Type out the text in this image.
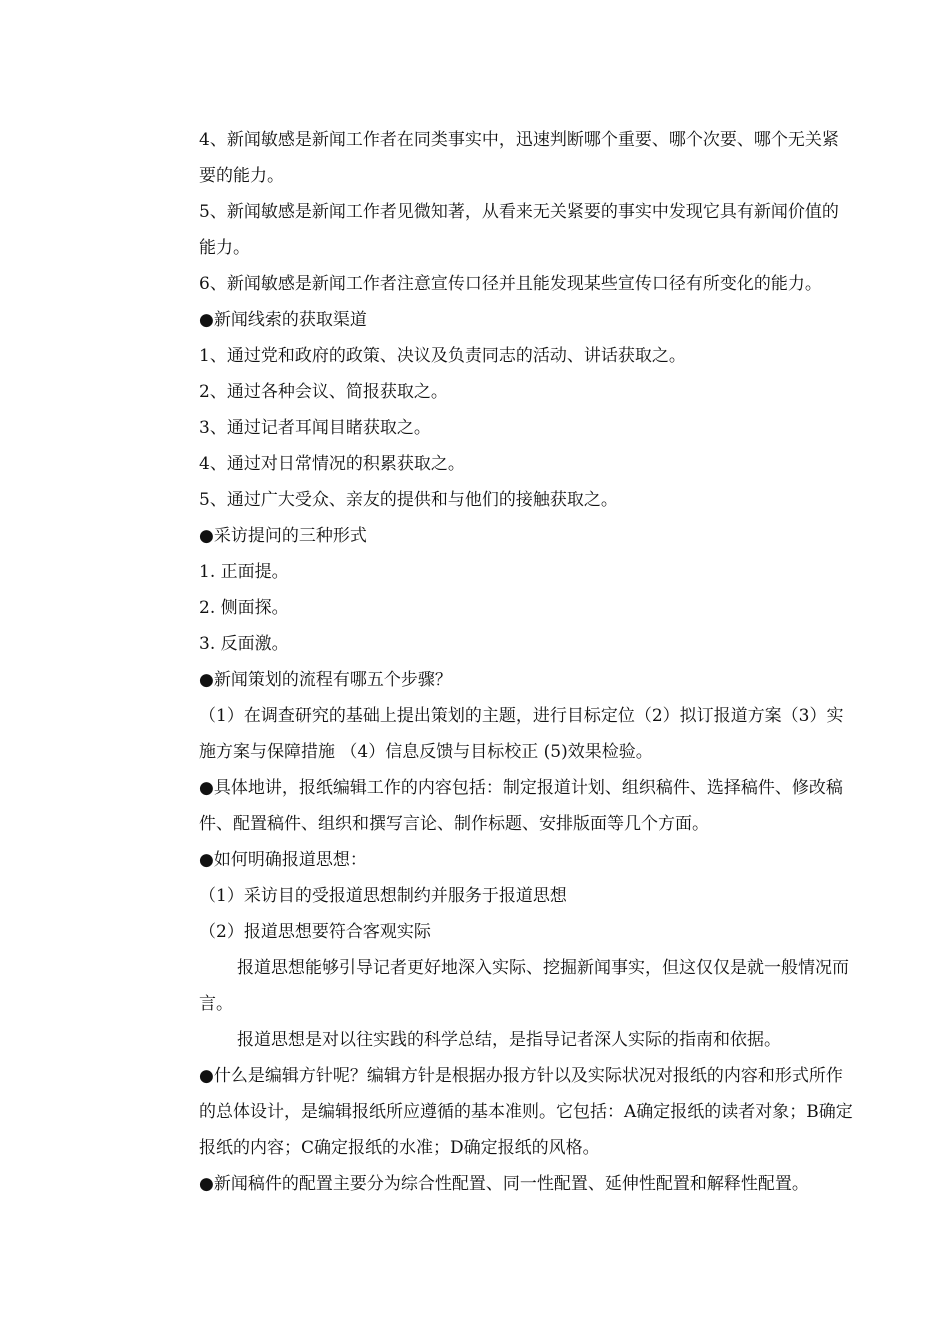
4、新闻敏感是新闻工作者在同类事实中，迅速判断哪个重要、哪个次要、哪个无关紧
要的能力。
5、新闻敏感是新闻工作者见微知著，从看来无关紧要的事实中发现它具有新闻价值的
能力。
6、新闻敏感是新闻工作者注意宣传口径并且能发现某些宣传口径有所变化的能力。
●新闻线索的获取渠道
1、通过党和政府的政策、决议及负责同志的活动、讲话获取之。
2、通过各种会议、简报获取之。
3、通过记者耳闻目睹获取之。
4、通过对日常情况的积累获取之。
5、通过广大受众、亲友的提供和与他们的接触获取之。
●采访提问的三种形式
1. 正面提。
2. 侧面探。
3. 反面激。
●新闻策划的流程有哪五个步骤？
（1）在调查研究的基础上提出策划的主题，进行目标定位（2）拟订报道方案（3）实
施方案与保障措施 （4）信息反馈与目标校正 (5)效果检验。
●具体地讲，报纸编辑工作的内容包括：制定报道计划、组织稿件、选择稿件、修改稿
件、配置稿件、组织和撰写言论、制作标题、安排版面等几个方面。
●如何明确报道思想：
（1）采访目的受报道思想制约并服务于报道思想
（2）报道思想要符合客观实际
报道思想能够引导记者更好地深入实际、挖掘新闻事实，但这仅仅是就一般情况而
言。
报道思想是对以往实践的科学总结，是指导记者深人实际的指南和依据。
●什么是编辑方针呢？编辑方针是根据办报方针以及实际状况对报纸的内容和形式所作
的总体设计，是编辑报纸所应遵循的基本准则。它包括：A确定报纸的读者对象；B确定
报纸的内容；C确定报纸的水准；D确定报纸的风格。
●新闻稿件的配置主要分为综合性配置、同一性配置、延伸性配置和解释性配置。
